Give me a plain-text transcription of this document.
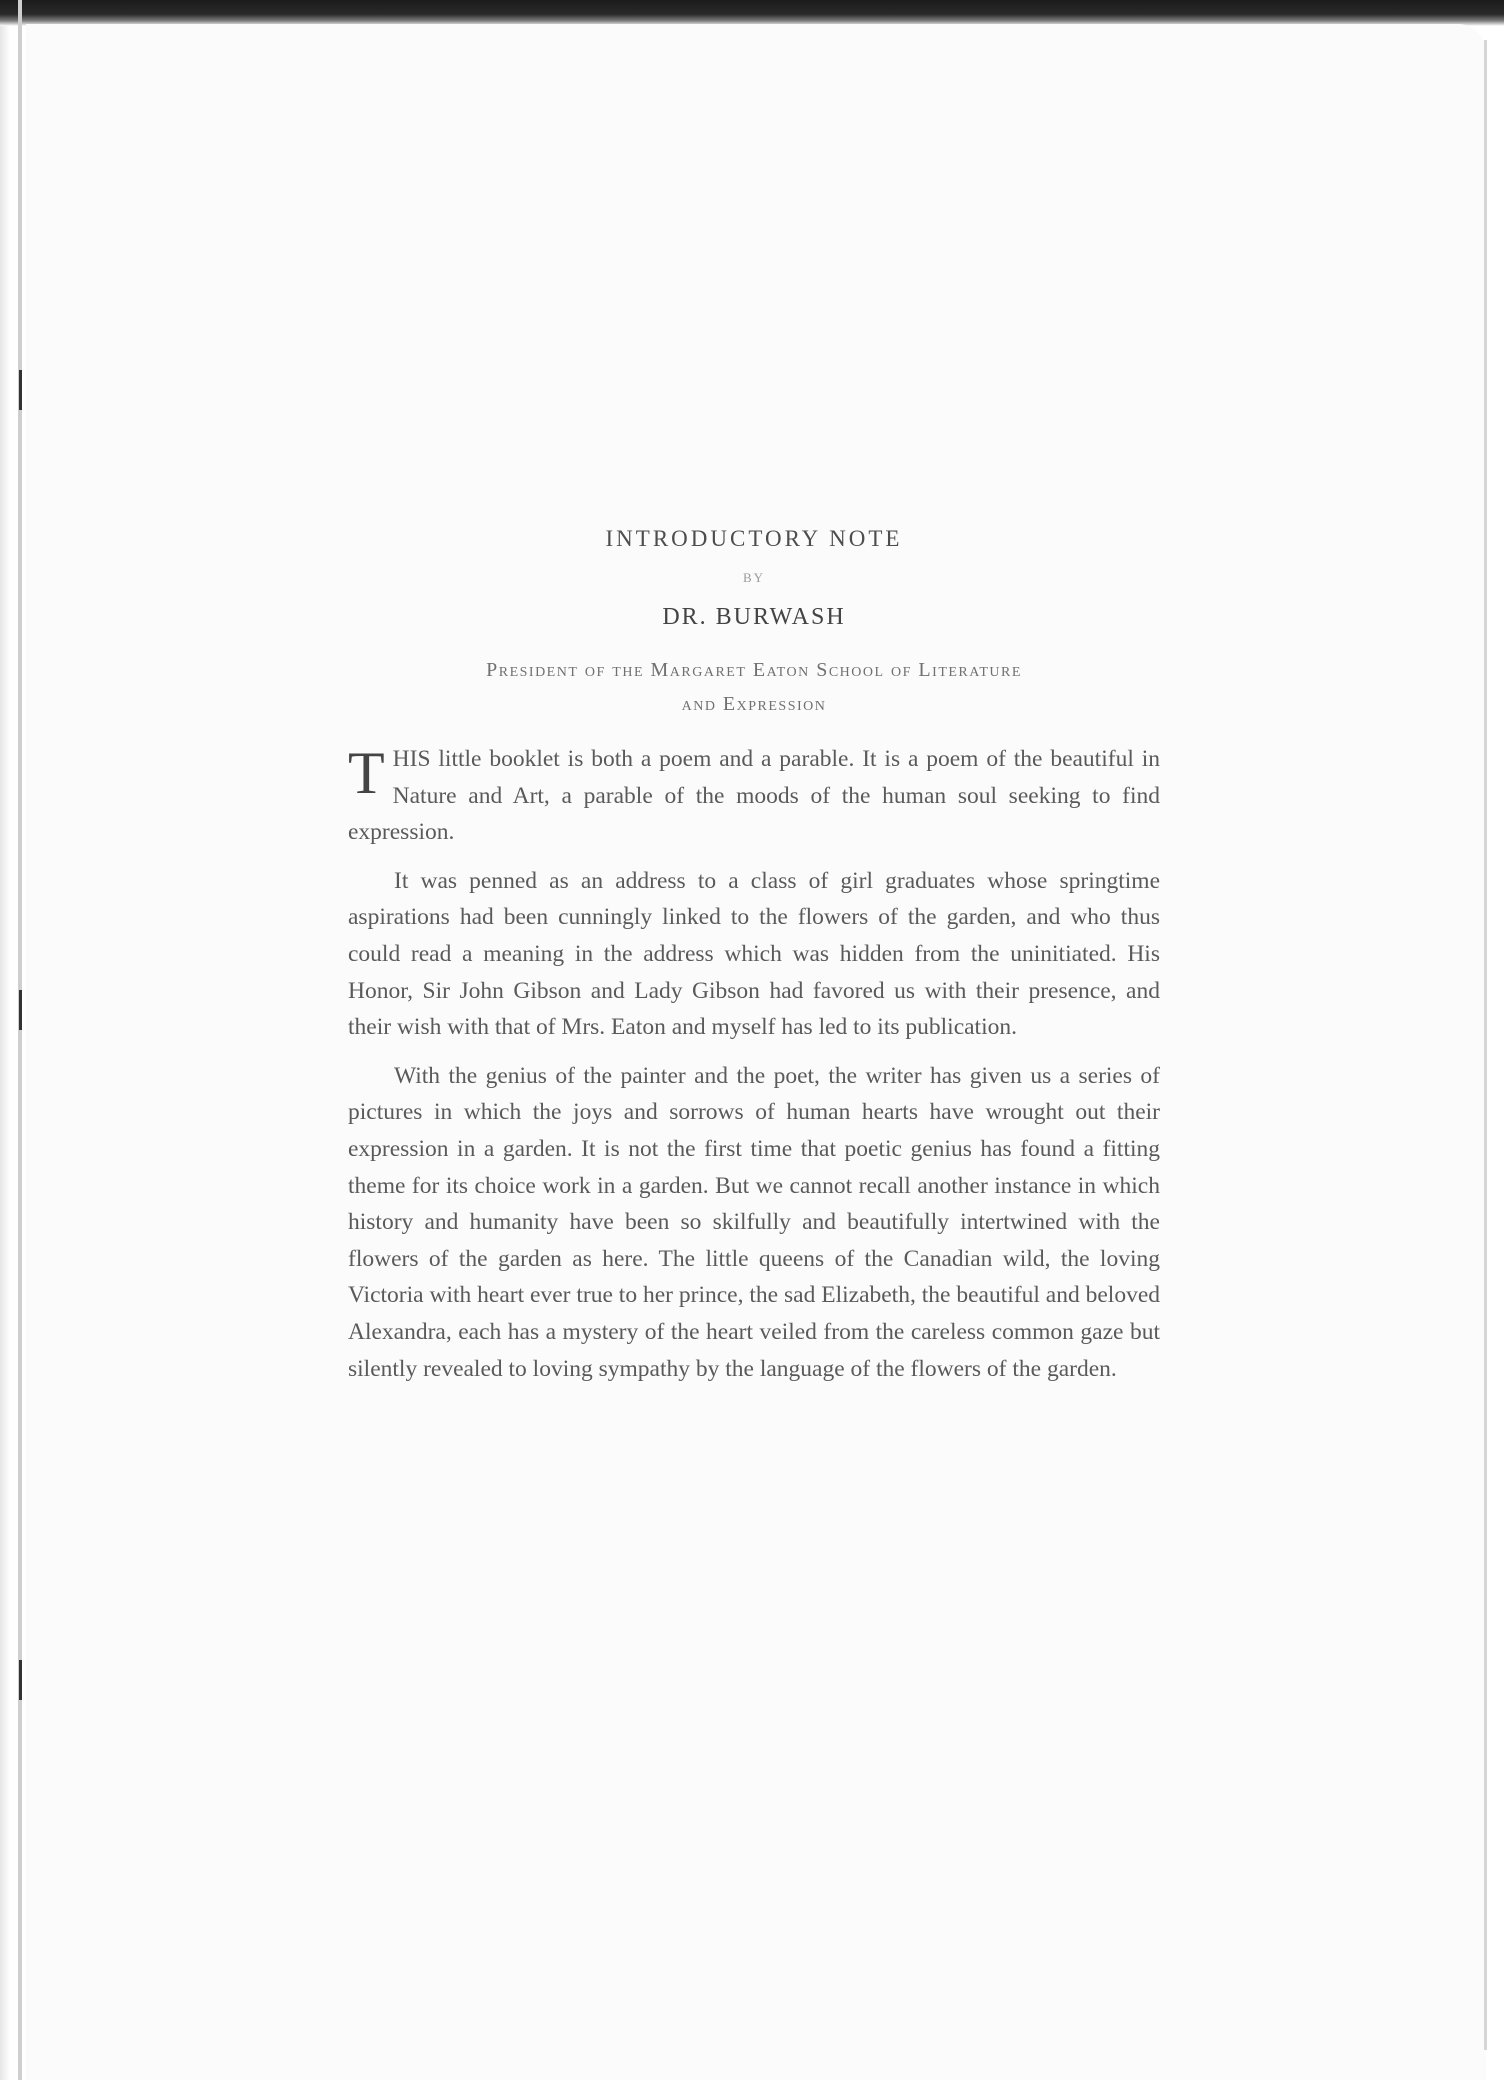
INTRODUCTORY NOTE
BY
DR. BURWASH
President of the Margaret Eaton School of Literature
and Expression

THIS little booklet is both a poem and a parable. It is a poem of the beautiful in Nature and Art, a parable of the moods of the human soul seeking to find expression.

It was penned as an address to a class of girl graduates whose springtime aspirations had been cunningly linked to the flowers of the garden, and who thus could read a meaning in the address which was hidden from the uninitiated. His Honor, Sir John Gibson and Lady Gibson had favored us with their presence, and their wish with that of Mrs. Eaton and myself has led to its publication.

With the genius of the painter and the poet, the writer has given us a series of pictures in which the joys and sorrows of human hearts have wrought out their expression in a garden. It is not the first time that poetic genius has found a fitting theme for its choice work in a garden. But we cannot recall another instance in which history and humanity have been so skilfully and beautifully intertwined with the flowers of the garden as here. The little queens of the Canadian wild, the loving Victoria with heart ever true to her prince, the sad Elizabeth, the beautiful and beloved Alexandra, each has a mystery of the heart veiled from the careless common gaze but silently revealed to loving sympathy by the language of the flowers of the garden.
